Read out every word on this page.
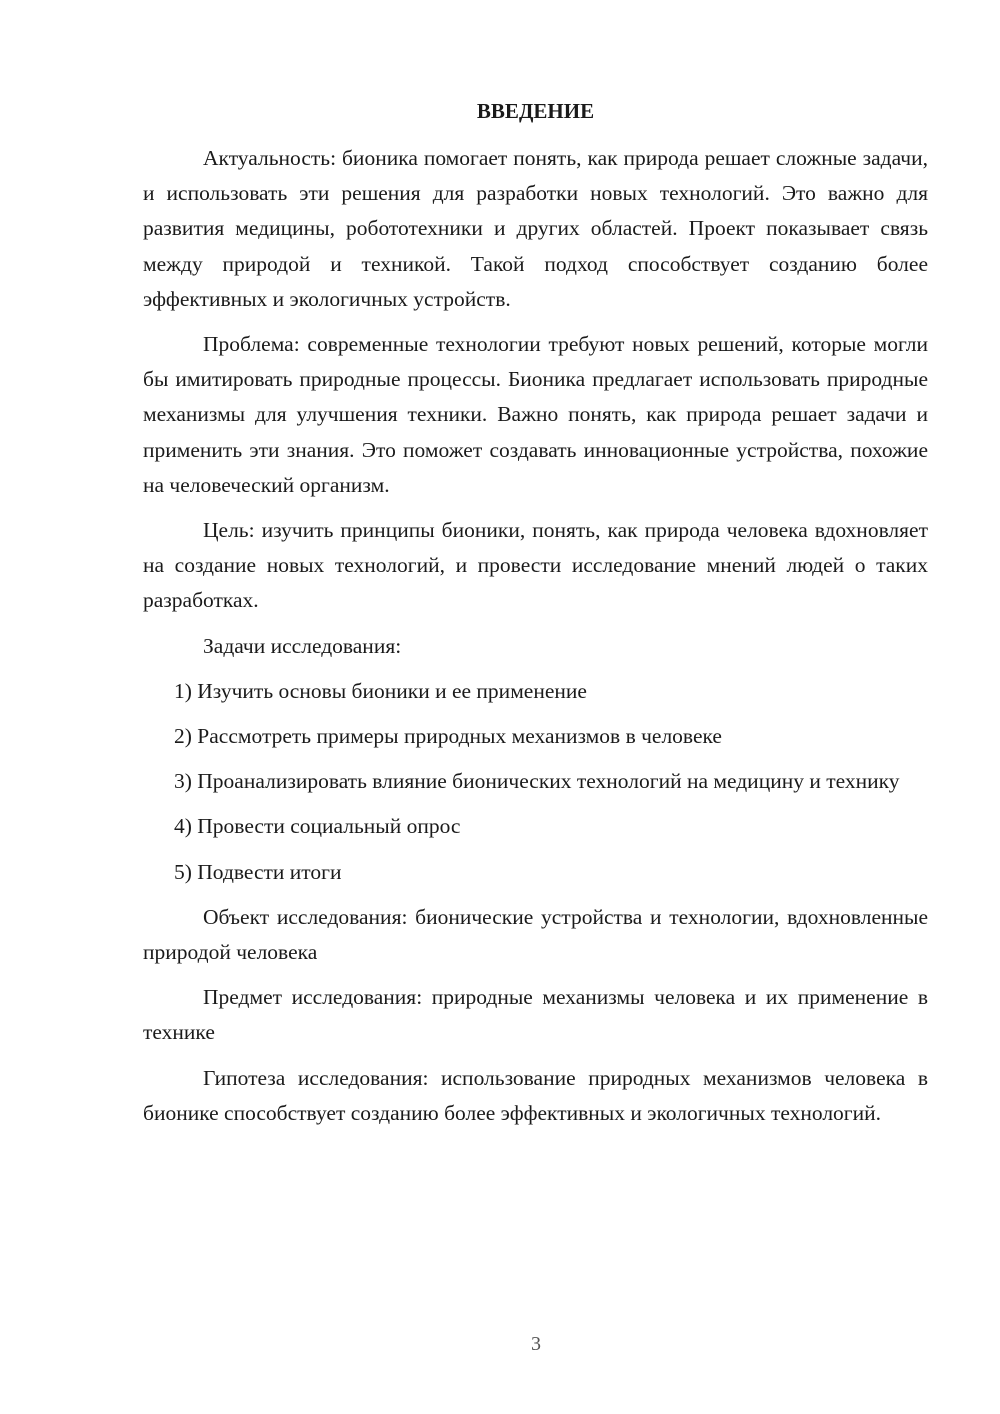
ВВЕДЕНИЕ

Актуальность: бионика помогает понять, как природа решает сложные задачи, и использовать эти решения для разработки новых технологий. Это важно для развития медицины, робототехники и других областей. Проект показывает связь между природой и техникой. Такой подход способствует созданию более эффективных и экологичных устройств.

Проблема: современные технологии требуют новых решений, которые могли бы имитировать природные процессы. Бионика предлагает использовать природные механизмы для улучшения техники. Важно понять, как природа решает задачи и применить эти знания. Это поможет создавать инновационные устройства, похожие на человеческий организм.

Цель: изучить принципы бионики, понять, как природа человека вдохновляет на создание новых технологий, и провести исследование мнений людей о таких разработках.

Задачи исследования:

1) Изучить основы бионики и ее применение

2) Рассмотреть примеры природных механизмов в человеке

3) Проанализировать влияние бионических технологий на медицину и технику

4) Провести социальный опрос

5) Подвести итоги

Объект исследования: бионические устройства и технологии, вдохновленные природой человека

Предмет исследования: природные механизмы человека и их применение в технике

Гипотеза исследования: использование природных механизмов человека в бионике способствует созданию более эффективных и экологичных технологий.

3
